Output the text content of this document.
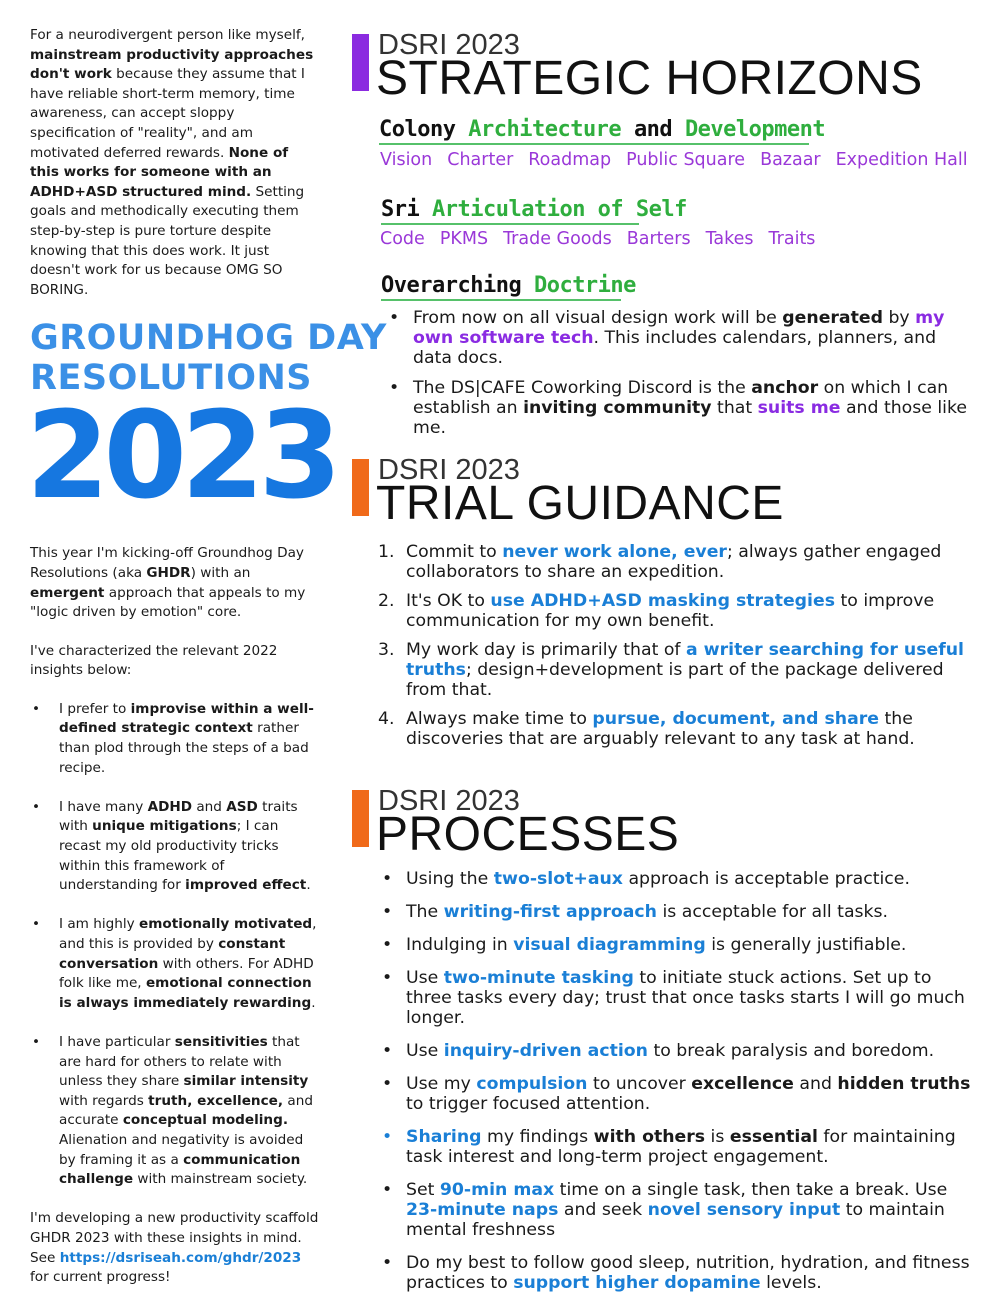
For a neurodivergent person like myself, mainstream productivity approaches don't work because they assume that I have reliable short-term memory, time awareness, can accept sloppy specification of "reality", and am motivated deferred rewards. None of this works for someone with an ADHD+ASD structured mind. Setting goals and methodically executing them step-by-step is pure torture despite knowing that this does work. It just doesn't work for us because OMG SO BORING.

GROUNDHOG DAY
RESOLUTIONS
2023

This year I'm kicking-off Groundhog Day Resolutions (aka GHDR) with an emergent approach that appeals to my "logic driven by emotion" core.

I've characterized the relevant 2022 insights below:

• I prefer to improvise within a well-defined strategic context rather than plod through the steps of a bad recipe.
• I have many ADHD and ASD traits with unique mitigations; I can recast my old productivity tricks within this framework of understanding for improved effect.
• I am highly emotionally motivated, and this is provided by constant conversation with others. For ADHD folk like me, emotional connection is always immediately rewarding.
• I have particular sensitivities that are hard for others to relate with unless they share similar intensity with regards truth, excellence, and accurate conceptual modeling. Alienation and negativity is avoided by framing it as a communication challenge with mainstream society.

I'm developing a new productivity scaffold GHDR 2023 with these insights in mind. See https://dsriseah.com/ghdr/2023 for current progress!

DSRI 2023
STRATEGIC HORIZONS
Colony Architecture and Development
Vision Charter Roadmap Public Square Bazaar Expedition Hall
Sri Articulation of Self
Code PKMS Trade Goods Barters Takes Traits
Overarching Doctrine
• From now on all visual design work will be generated by my own software tech. This includes calendars, planners, and data docs.
• The DS|CAFE Coworking Discord is the anchor on which I can establish an inviting community that suits me and those like me.
DSRI 2023
TRIAL GUIDANCE
1. Commit to never work alone, ever; always gather engaged collaborators to share an expedition.
2. It's OK to use ADHD+ASD masking strategies to improve communication for my own benefit.
3. My work day is primarily that of a writer searching for useful truths; design+development is part of the package delivered from that.
4. Always make time to pursue, document, and share the discoveries that are arguably relevant to any task at hand.
DSRI 2023
PROCESSES
• Using the two-slot+aux approach is acceptable practice.
• The writing-first approach is acceptable for all tasks.
• Indulging in visual diagramming is generally justifiable.
• Use two-minute tasking to initiate stuck actions. Set up to three tasks every day; trust that once tasks starts I will go much longer.
• Use inquiry-driven action to break paralysis and boredom.
• Use my compulsion to uncover excellence and hidden truths to trigger focused attention.
• Sharing my findings with others is essential for maintaining task interest and long-term project engagement.
• Set 90-min max time on a single task, then take a break. Use 23-minute naps and seek novel sensory input to maintain mental freshness
• Do my best to follow good sleep, nutrition, hydration, and fitness practices to support higher dopamine levels.
